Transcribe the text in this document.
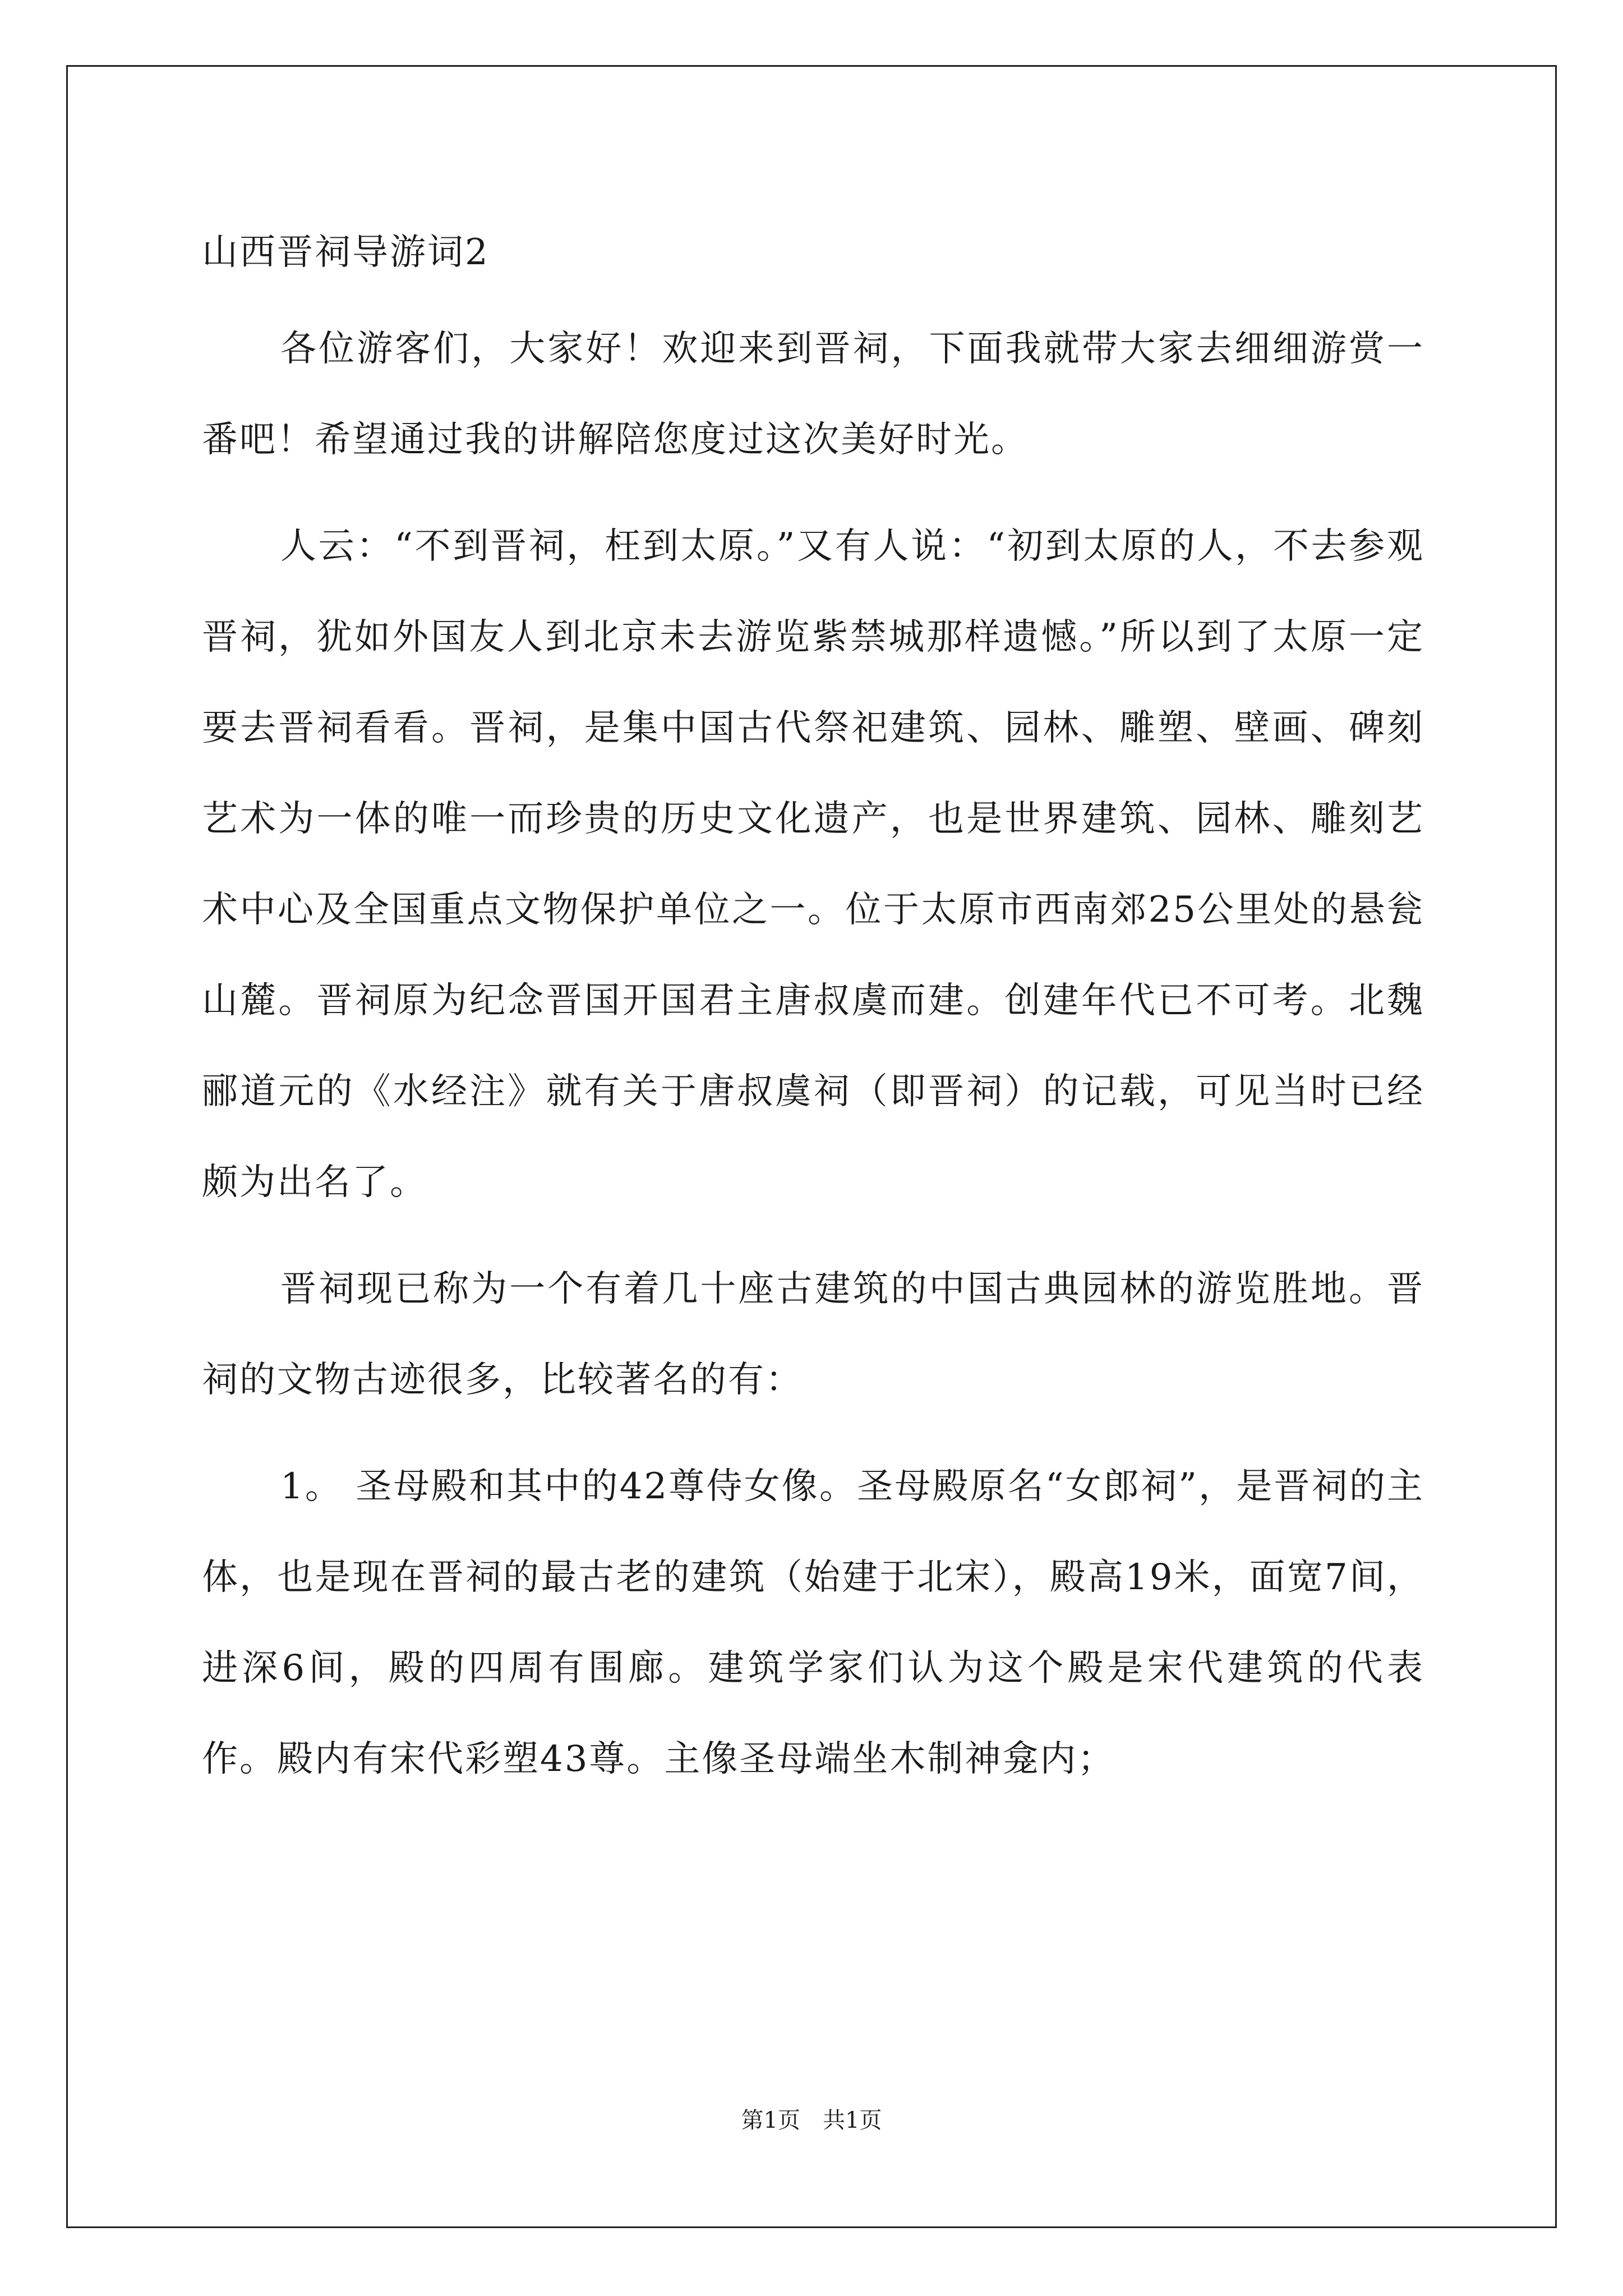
山西晋祠导游词2

各位游客们，大家好！欢迎来到晋祠，下面我就带大家去细细游赏一番吧！希望通过我的讲解陪您度过这次美好时光。

人云：“不到晋祠，枉到太原。”又有人说：“初到太原的人，不去参观晋祠，犹如外国友人到北京未去游览紫禁城那样遗憾。”所以到了太原一定要去晋祠看看。晋祠，是集中国古代祭祀建筑、园林、雕塑、壁画、碑刻艺术为一体的唯一而珍贵的历史文化遗产，也是世界建筑、园林、雕刻艺术中心及全国重点文物保护单位之一。位于太原市西南郊25公里处的悬瓮山麓。晋祠原为纪念晋国开国君主唐叔虞而建。创建年代已不可考。北魏郦道元的《水经注》就有关于唐叔虞祠（即晋祠）的记载，可见当时已经颇为出名了。

晋祠现已称为一个有着几十座古建筑的中国古典园林的游览胜地。晋祠的文物古迹很多，比较著名的有：

1。 圣母殿和其中的42尊侍女像。圣母殿原名“女郎祠”，是晋祠的主体，也是现在晋祠的最古老的建筑（始建于北宋），殿高19米，面宽7间，进深6间，殿的四周有围廊。建筑学家们认为这个殿是宋代建筑的代表作。殿内有宋代彩塑43尊。主像圣母端坐木制神龛内；

第1页　共1页
